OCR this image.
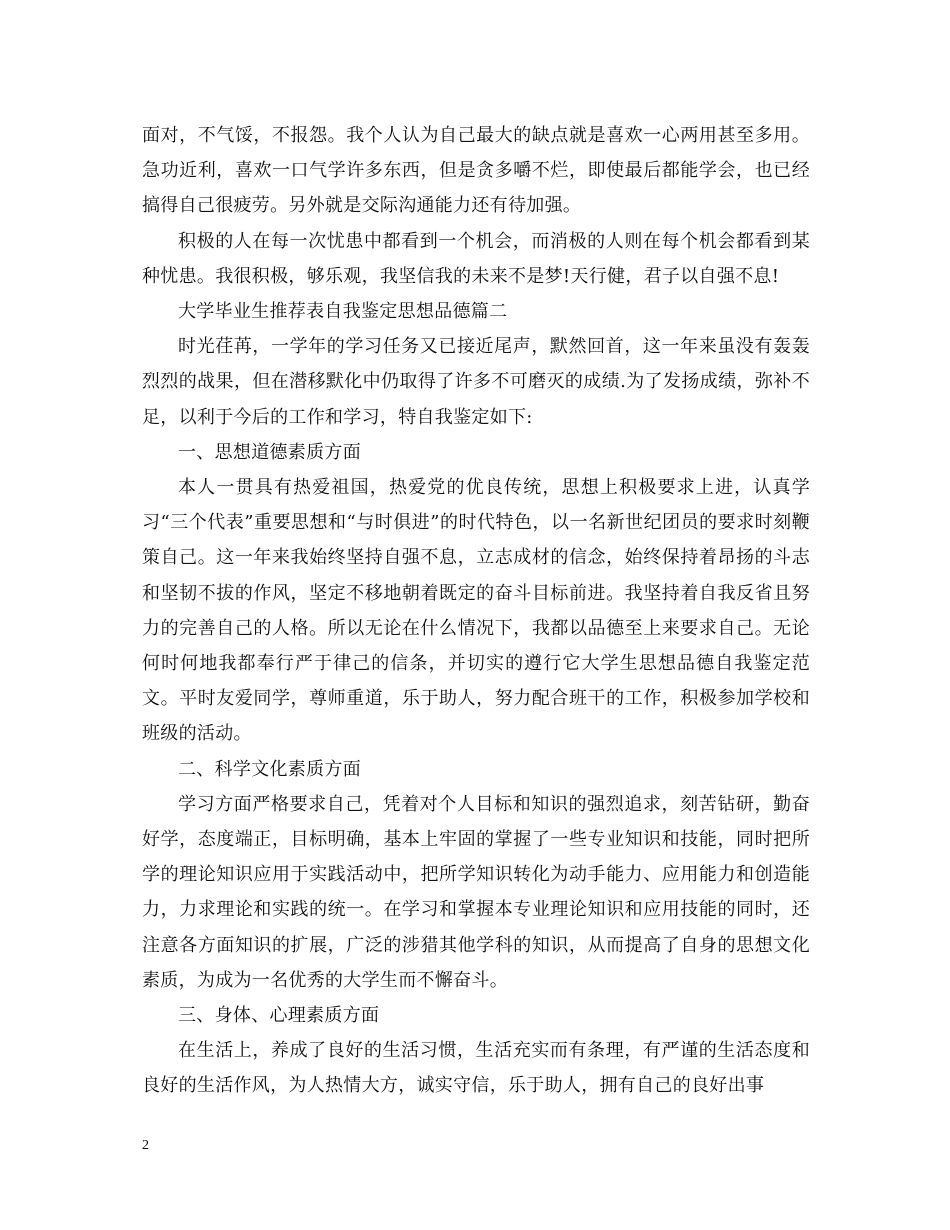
面对，不气馁，不报怨。我个人认为自己最大的缺点就是喜欢一心两用甚至多用。急功近利，喜欢一口气学许多东西，但是贪多嚼不烂，即使最后都能学会，也已经搞得自己很疲劳。另外就是交际沟通能力还有待加强。

积极的人在每一次忧患中都看到一个机会，而消极的人则在每个机会都看到某种忧患。我很积极，够乐观，我坚信我的未来不是梦!天行健，君子以自强不息!

大学毕业生推荐表自我鉴定思想品德篇二

时光荏苒，一学年的学习任务又已接近尾声，默然回首，这一年来虽没有轰轰烈烈的战果，但在潜移默化中仍取得了许多不可磨灭的成绩.为了发扬成绩，弥补不足，以利于今后的工作和学习，特自我鉴定如下:

一、思想道德素质方面

本人一贯具有热爱祖国，热爱党的优良传统，思想上积极要求上进，认真学习“三个代表”重要思想和“与时俱进”的时代特色，以一名新世纪团员的要求时刻鞭策自己。这一年来我始终坚持自强不息，立志成材的信念，始终保持着昂扬的斗志和坚韧不拔的作风，坚定不移地朝着既定的奋斗目标前进。我坚持着自我反省且努力的完善自己的人格。所以无论在什么情况下，我都以品德至上来要求自己。无论何时何地我都奉行严于律己的信条，并切实的遵行它大学生思想品德自我鉴定范文。平时友爱同学，尊师重道，乐于助人，努力配合班干的工作，积极参加学校和班级的活动。

二、科学文化素质方面

学习方面严格要求自己，凭着对个人目标和知识的强烈追求，刻苦钻研，勤奋好学，态度端正，目标明确，基本上牢固的掌握了一些专业知识和技能，同时把所学的理论知识应用于实践活动中，把所学知识转化为动手能力、应用能力和创造能力，力求理论和实践的统一。在学习和掌握本专业理论知识和应用技能的同时，还注意各方面知识的扩展，广泛的涉猎其他学科的知识，从而提高了自身的思想文化素质，为成为一名优秀的大学生而不懈奋斗。

三、身体、心理素质方面

在生活上，养成了良好的生活习惯，生活充实而有条理，有严谨的生活态度和良好的生活作风，为人热情大方，诚实守信，乐于助人，拥有自己的良好出事

2
